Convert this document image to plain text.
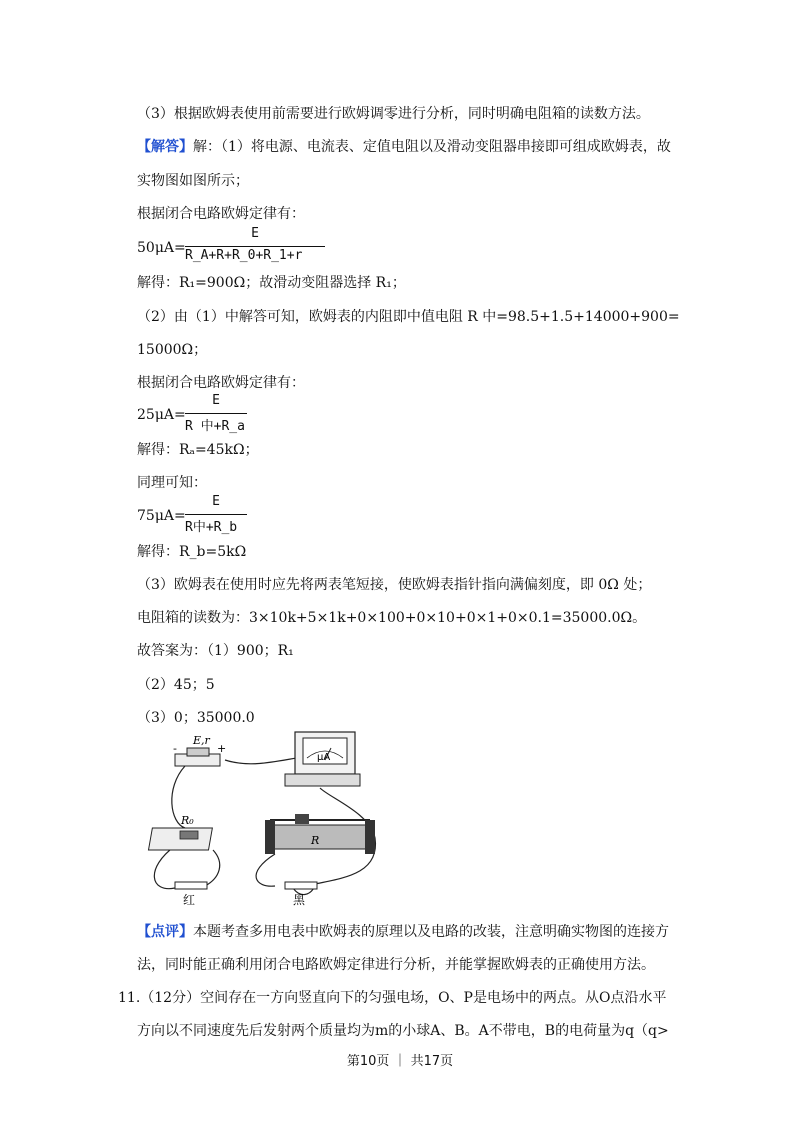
（3）根据欧姆表使用前需要进行欧姆调零进行分析，同时明确电阻箱的读数方法。
【解答】解：（1）将电源、电流表、定值电阻以及滑动变阻器串接即可组成欧姆表，故
实物图如图所示；
根据闭合电路欧姆定律有：
50μA=
E
R_A+R+R_0+R_1+r
解得：R₁=900Ω；故滑动变阻器选择 R₁；
（2）由（1）中解答可知，欧姆表的内阻即中值电阻 R 中=98.5+1.5+14000+900=
15000Ω；
根据闭合电路欧姆定律有：
25μA=
E
R 中+R_a
解得：Rₐ=45kΩ；
同理可知：
75μA=
E
R中+R_b
解得：R_b=5kΩ
（3）欧姆表在使用时应先将两表笔短接，使欧姆表指针指向满偏刻度，即 0Ω 处；
电阻箱的读数为：3×10k+5×1k+0×100+0×10+0×1+0×0.1=35000.0Ω。
故答案为：（1）900；R₁
（2）45；5
（3）0；35000.0
E,r
-	+
μA
R₀
R
红	黑
【点评】本题考查多用电表中欧姆表的原理以及电路的改装，注意明确实物图的连接方
法，同时能正确利用闭合电路欧姆定律进行分析，并能掌握欧姆表的正确使用方法。
11.（12分）空间存在一方向竖直向下的匀强电场，O、P是电场中的两点。从O点沿水平
方向以不同速度先后发射两个质量均为m的小球A、B。A不带电，B的电荷量为q（q>
第10页 ｜ 共17页
